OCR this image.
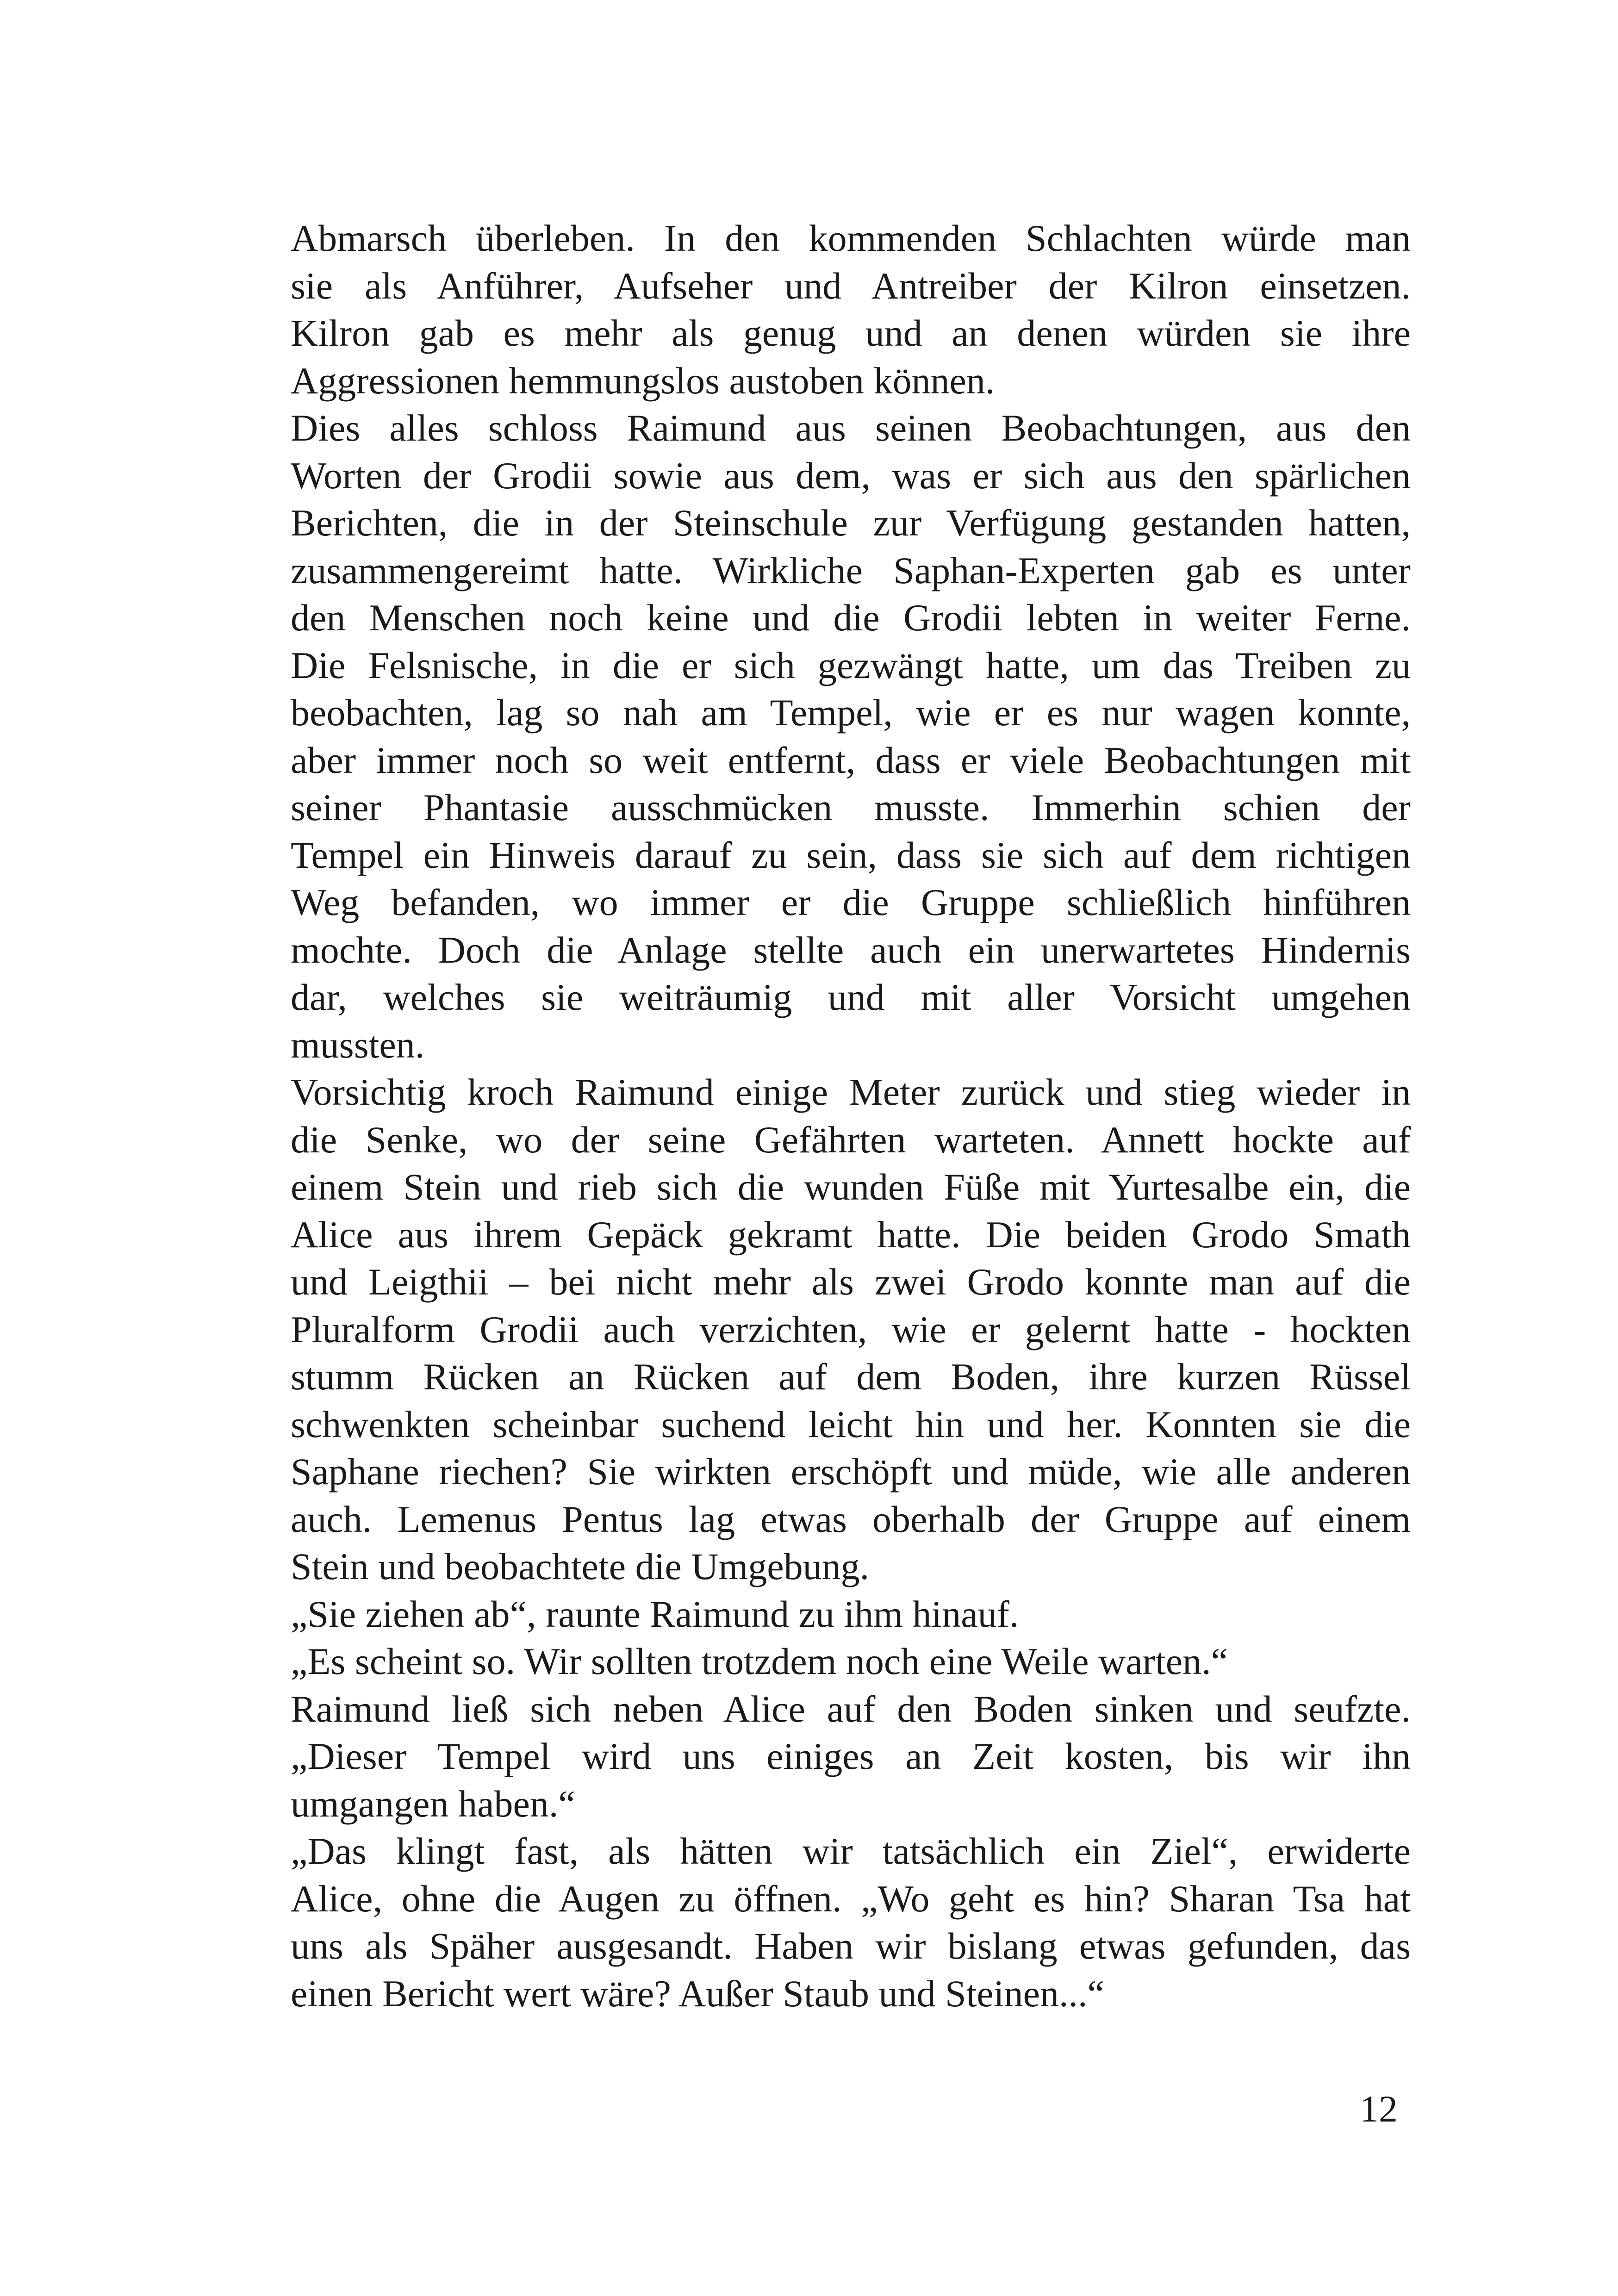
Abmarsch überleben. In den kommenden Schlachten würde man
sie als Anführer, Aufseher und Antreiber der Kilron einsetzen.
Kilron gab es mehr als genug und an denen würden sie ihre
Aggressionen hemmungslos austoben können.
Dies alles schloss Raimund aus seinen Beobachtungen, aus den
Worten der Grodii sowie aus dem, was er sich aus den spärlichen
Berichten, die in der Steinschule zur Verfügung gestanden hatten,
zusammengereimt hatte. Wirkliche Saphan-Experten gab es unter
den Menschen noch keine und die Grodii lebten in weiter Ferne.
Die Felsnische, in die er sich gezwängt hatte, um das Treiben zu
beobachten, lag so nah am Tempel, wie er es nur wagen konnte,
aber immer noch so weit entfernt, dass er viele Beobachtungen mit
seiner Phantasie ausschmücken musste. Immerhin schien der
Tempel ein Hinweis darauf zu sein, dass sie sich auf dem richtigen
Weg befanden, wo immer er die Gruppe schließlich hinführen
mochte. Doch die Anlage stellte auch ein unerwartetes Hindernis
dar, welches sie weiträumig und mit aller Vorsicht umgehen
mussten.
Vorsichtig kroch Raimund einige Meter zurück und stieg wieder in
die Senke, wo der seine Gefährten warteten. Annett hockte auf
einem Stein und rieb sich die wunden Füße mit Yurtesalbe ein, die
Alice aus ihrem Gepäck gekramt hatte. Die beiden Grodo Smath
und Leigthii – bei nicht mehr als zwei Grodo konnte man auf die
Pluralform Grodii auch verzichten, wie er gelernt hatte - hockten
stumm Rücken an Rücken auf dem Boden, ihre kurzen Rüssel
schwenkten scheinbar suchend leicht hin und her. Konnten sie die
Saphane riechen? Sie wirkten erschöpft und müde, wie alle anderen
auch. Lemenus Pentus lag etwas oberhalb der Gruppe auf einem
Stein und beobachtete die Umgebung.
„Sie ziehen ab“, raunte Raimund zu ihm hinauf.
„Es scheint so. Wir sollten trotzdem noch eine Weile warten.“
Raimund ließ sich neben Alice auf den Boden sinken und seufzte.
„Dieser Tempel wird uns einiges an Zeit kosten, bis wir ihn
umgangen haben.“
„Das klingt fast, als hätten wir tatsächlich ein Ziel“, erwiderte
Alice, ohne die Augen zu öffnen. „Wo geht es hin? Sharan Tsa hat
uns als Späher ausgesandt. Haben wir bislang etwas gefunden, das
einen Bericht wert wäre? Außer Staub und Steinen...“
12
